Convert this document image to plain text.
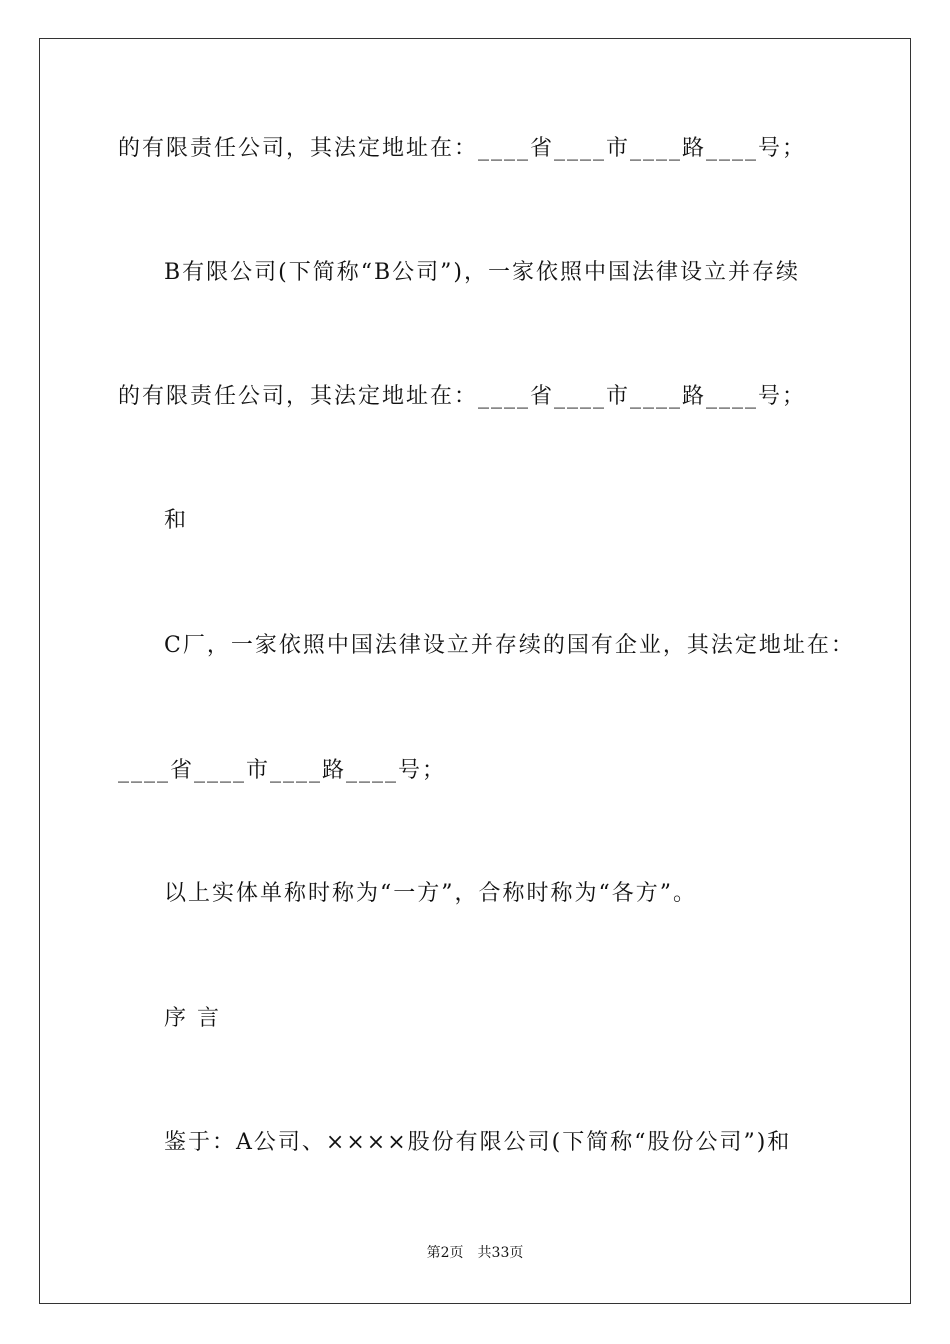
的有限责任公司，其法定地址在：____省____市____路____号；
B有限公司(下简称“B公司”)，一家依照中国法律设立并存续
的有限责任公司，其法定地址在：____省____市____路____号；
和
C厂，一家依照中国法律设立并存续的国有企业，其法定地址在：
____省____市____路____号；
以上实体单称时称为“一方”，合称时称为“各方”。
序 言
鉴于：A公司、××××股份有限公司(下简称“股份公司”)和
第2页 共33页
